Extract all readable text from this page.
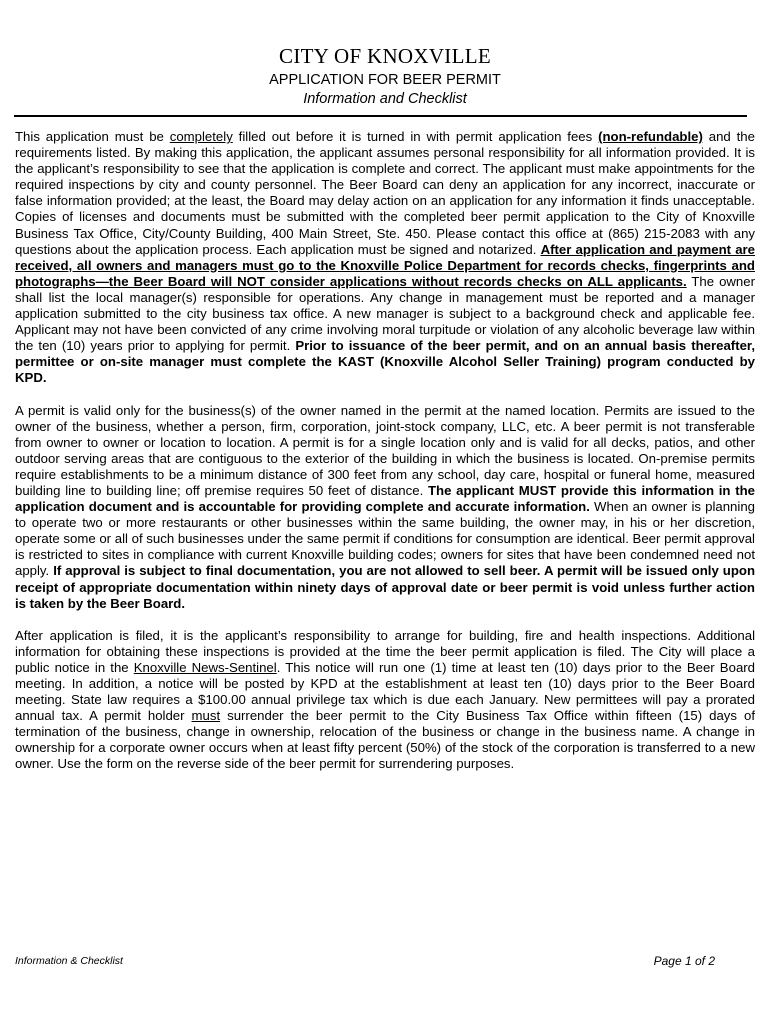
CITY OF KNOXVILLE
APPLICATION FOR BEER PERMIT
Information and Checklist

This application must be completely filled out before it is turned in with permit application fees (non-refundable) and the requirements listed. By making this application, the applicant assumes personal responsibility for all information provided. It is the applicant’s responsibility to see that the application is complete and correct. The applicant must make appointments for the required inspections by city and county personnel. The Beer Board can deny an application for any incorrect, inaccurate or false information provided; at the least, the Board may delay action on an application for any information it finds unacceptable. Copies of licenses and documents must be submitted with the completed beer permit application to the City of Knoxville Business Tax Office, City/County Building, 400 Main Street, Ste. 450. Please contact this office at (865) 215-2083 with any questions about the application process. Each application must be signed and notarized. After application and payment are received, all owners and managers must go to the Knoxville Police Department for records checks, fingerprints and photographs—the Beer Board will NOT consider applications without records checks on ALL applicants. The owner shall list the local manager(s) responsible for operations. Any change in management must be reported and a manager application submitted to the city business tax office. A new manager is subject to a background check and applicable fee. Applicant may not have been convicted of any crime involving moral turpitude or violation of any alcoholic beverage law within the ten (10) years prior to applying for permit. Prior to issuance of the beer permit, and on an annual basis thereafter, permittee or on-site manager must complete the KAST (Knoxville Alcohol Seller Training) program conducted by KPD.

A permit is valid only for the business(s) of the owner named in the permit at the named location. Permits are issued to the owner of the business, whether a person, firm, corporation, joint-stock company, LLC, etc. A beer permit is not transferable from owner to owner or location to location. A permit is for a single location only and is valid for all decks, patios, and other outdoor serving areas that are contiguous to the exterior of the building in which the business is located. On-premise permits require establishments to be a minimum distance of 300 feet from any school, day care, hospital or funeral home, measured building line to building line; off premise requires 50 feet of distance. The applicant MUST provide this information in the application document and is accountable for providing complete and accurate information. When an owner is planning to operate two or more restaurants or other businesses within the same building, the owner may, in his or her discretion, operate some or all of such businesses under the same permit if conditions for consumption are identical. Beer permit approval is restricted to sites in compliance with current Knoxville building codes; owners for sites that have been condemned need not apply. If approval is subject to final documentation, you are not allowed to sell beer. A permit will be issued only upon receipt of appropriate documentation within ninety days of approval date or beer permit is void unless further action is taken by the Beer Board.

After application is filed, it is the applicant’s responsibility to arrange for building, fire and health inspections. Additional information for obtaining these inspections is provided at the time the beer permit application is filed. The City will place a public notice in the Knoxville News-Sentinel. This notice will run one (1) time at least ten (10) days prior to the Beer Board meeting. In addition, a notice will be posted by KPD at the establishment at least ten (10) days prior to the Beer Board meeting. State law requires a $100.00 annual privilege tax which is due each January. New permittees will pay a prorated annual tax. A permit holder must surrender the beer permit to the City Business Tax Office within fifteen (15) days of termination of the business, change in ownership, relocation of the business or change in the business name. A change in ownership for a corporate owner occurs when at least fifty percent (50%) of the stock of the corporation is transferred to a new owner. Use the form on the reverse side of the beer permit for surrendering purposes.

Information & Checklist	Page 1 of 2
